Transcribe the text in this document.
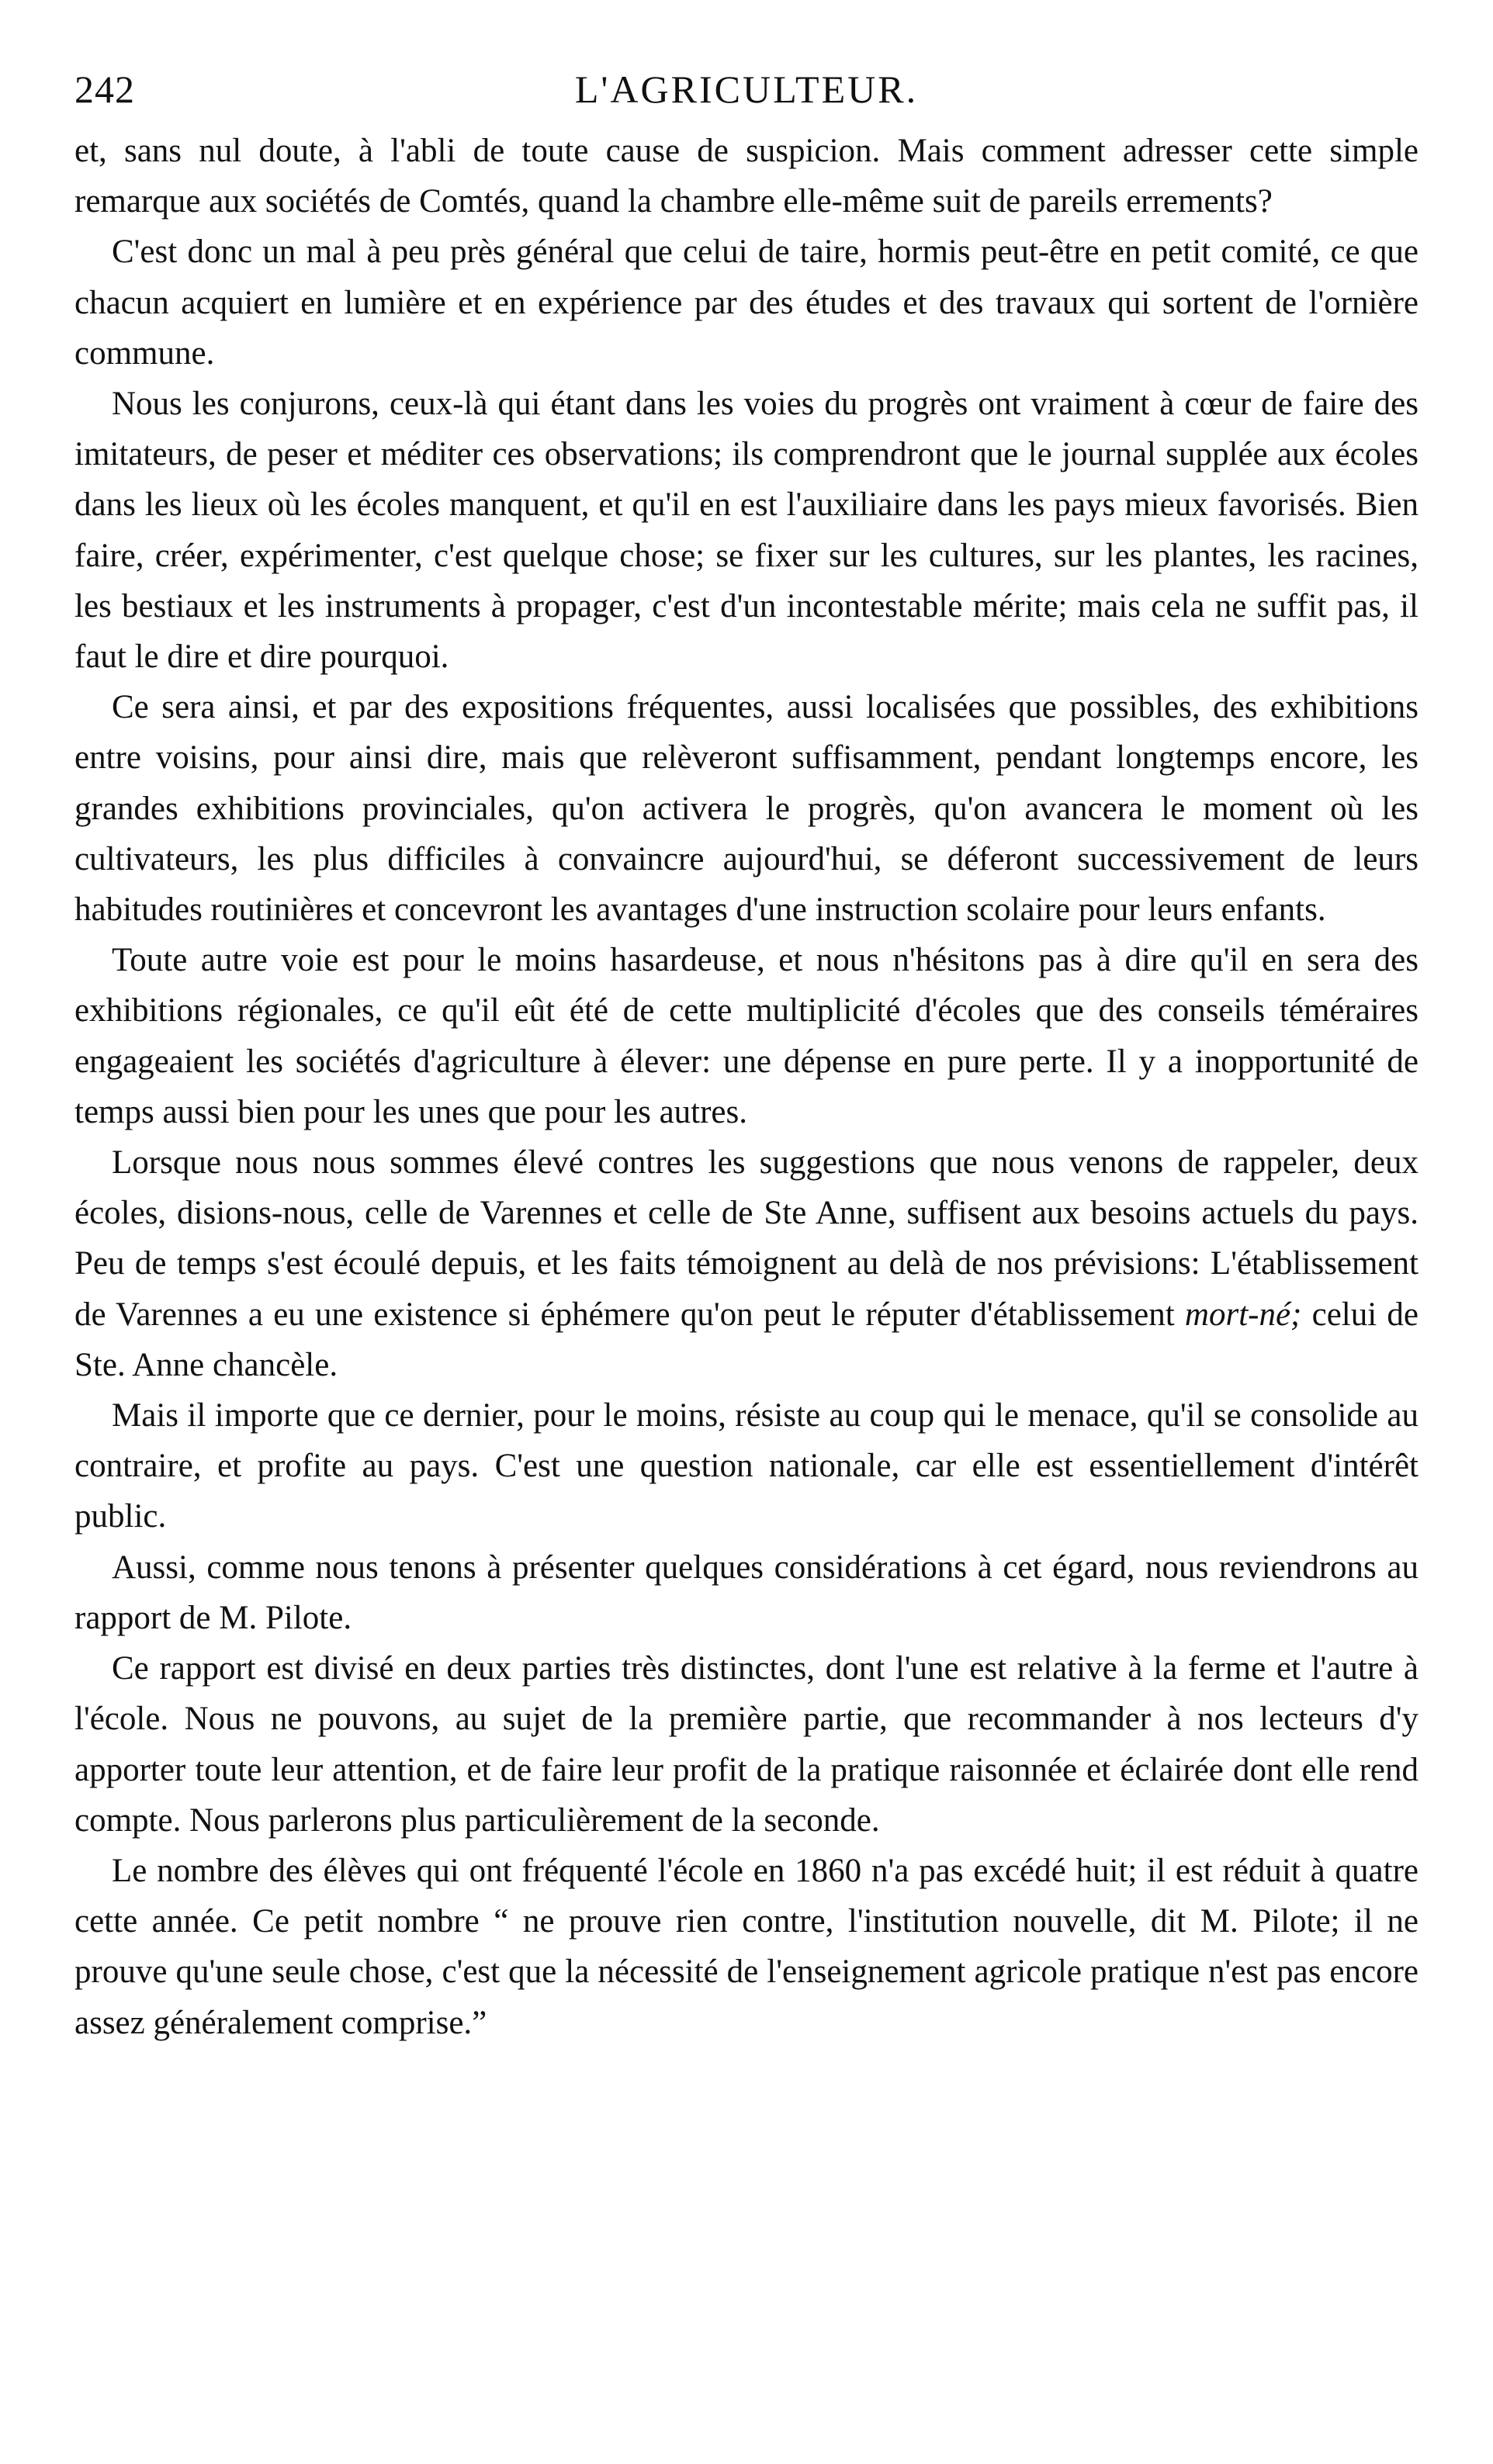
242	L'AGRICULTEUR.

et, sans nul doute, à l'abli de toute cause de suspicion. Mais comment adresser cette simple remarque aux sociétés de Comtés, quand la chambre elle-même suit de pareils errements?

C'est donc un mal à peu près général que celui de taire, hormis peut-être en petit comité, ce que chacun acquiert en lumière et en expérience par des études et des travaux qui sortent de l'ornière commune.

Nous les conjurons, ceux-là qui étant dans les voies du progrès ont vraiment à cœur de faire des imitateurs, de peser et méditer ces observations; ils comprendront que le journal supplée aux écoles dans les lieux où les écoles manquent, et qu'il en est l'auxiliaire dans les pays mieux favorisés. Bien faire, créer, expérimenter, c'est quelque chose; se fixer sur les cultures, sur les plantes, les racines, les bestiaux et les instruments à propager, c'est d'un incontestable mérite; mais cela ne suffit pas, il faut le dire et dire pourquoi.

Ce sera ainsi, et par des expositions fréquentes, aussi localisées que possibles, des exhibitions entre voisins, pour ainsi dire, mais que relèveront suffisamment, pendant longtemps encore, les grandes exhibitions provinciales, qu'on activera le progrès, qu'on avancera le moment où les cultivateurs, les plus difficiles à convaincre aujourd'hui, se déferont successivement de leurs habitudes routinières et concevront les avantages d'une instruction scolaire pour leurs enfants.

Toute autre voie est pour le moins hasardeuse, et nous n'hésitons pas à dire qu'il en sera des exhibitions régionales, ce qu'il eût été de cette multiplicité d'écoles que des conseils téméraires engageaient les sociétés d'agriculture à élever: une dépense en pure perte. Il y a inopportunité de temps aussi bien pour les unes que pour les autres.

Lorsque nous nous sommes élevé contres les suggestions que nous venons de rappeler, deux écoles, disions-nous, celle de Varennes et celle de Ste Anne, suffisent aux besoins actuels du pays. Peu de temps s'est écoulé depuis, et les faits témoignent au delà de nos prévisions: L'établissement de Varennes a eu une existence si éphémere qu'on peut le réputer d'établissement mort-né; celui de Ste. Anne chancèle.

Mais il importe que ce dernier, pour le moins, résiste au coup qui le menace, qu'il se consolide au contraire, et profite au pays. C'est une question nationale, car elle est essentiellement d'intérêt public.

Aussi, comme nous tenons à présenter quelques considérations à cet égard, nous reviendrons au rapport de M. Pilote.

Ce rapport est divisé en deux parties très distinctes, dont l'une est relative à la ferme et l'autre à l'école. Nous ne pouvons, au sujet de la première partie, que recommander à nos lecteurs d'y apporter toute leur attention, et de faire leur profit de la pratique raisonnée et éclairée dont elle rend compte. Nous parlerons plus particulièrement de la seconde.

Le nombre des élèves qui ont fréquenté l'école en 1860 n'a pas excédé huit; il est réduit à quatre cette année. Ce petit nombre “ ne prouve rien contre, l'institution nouvelle, dit M. Pilote; il ne prouve qu'une seule chose, c'est que la nécessité de l'enseignement agricole pratique n'est pas encore assez généralement comprise.”
